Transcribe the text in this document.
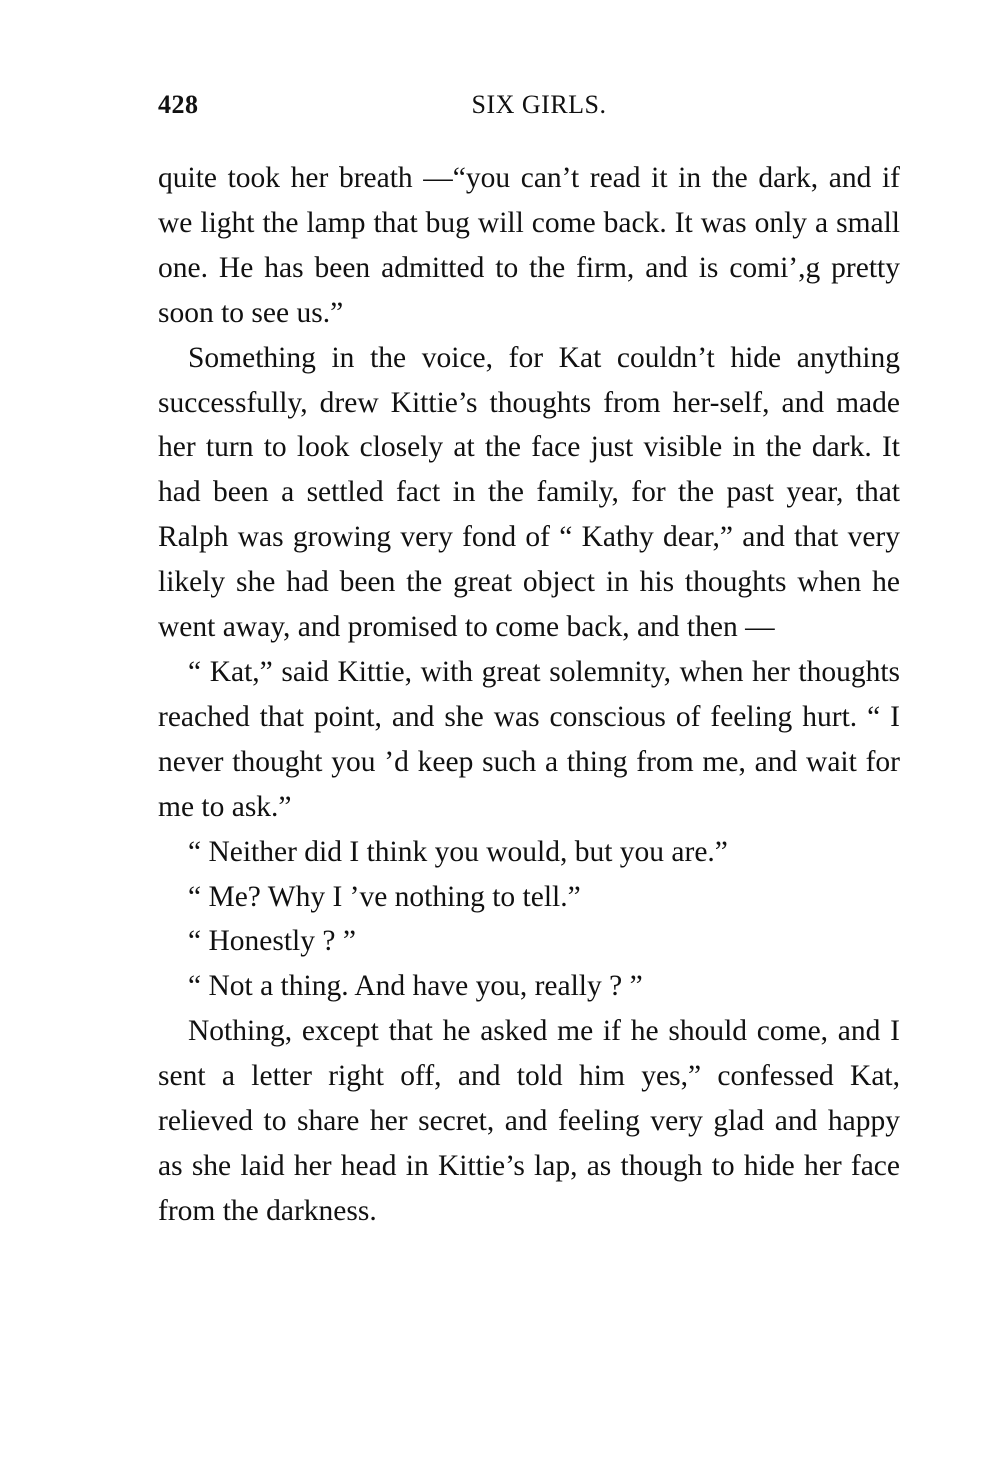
428	SIX GIRLS.

quite took her breath —“you can’t read it in the dark, and if we light the lamp that bug will come back. It was only a small one. He has been admitted to the firm, and is comi’,g pretty soon to see us.”

Something in the voice, for Kat couldn’t hide anything successfully, drew Kittie’s thoughts from her-self, and made her turn to look closely at the face just visible in the dark. It had been a settled fact in the family, for the past year, that Ralph was growing very fond of “ Kathy dear,” and that very likely she had been the great object in his thoughts when he went away, and promised to come back, and then —

“ Kat,” said Kittie, with great solemnity, when her thoughts reached that point, and she was conscious of feeling hurt. “ I never thought you ’d keep such a thing from me, and wait for me to ask.”

“ Neither did I think you would, but you are.”

“ Me? Why I ’ve nothing to tell.”

“ Honestly ? ”

“ Not a thing. And have you, really ? ”

Nothing, except that he asked me if he should come, and I sent a letter right off, and told him yes,” confessed Kat, relieved to share her secret, and feeling very glad and happy as she laid her head in Kittie’s lap, as though to hide her face from the darkness.
